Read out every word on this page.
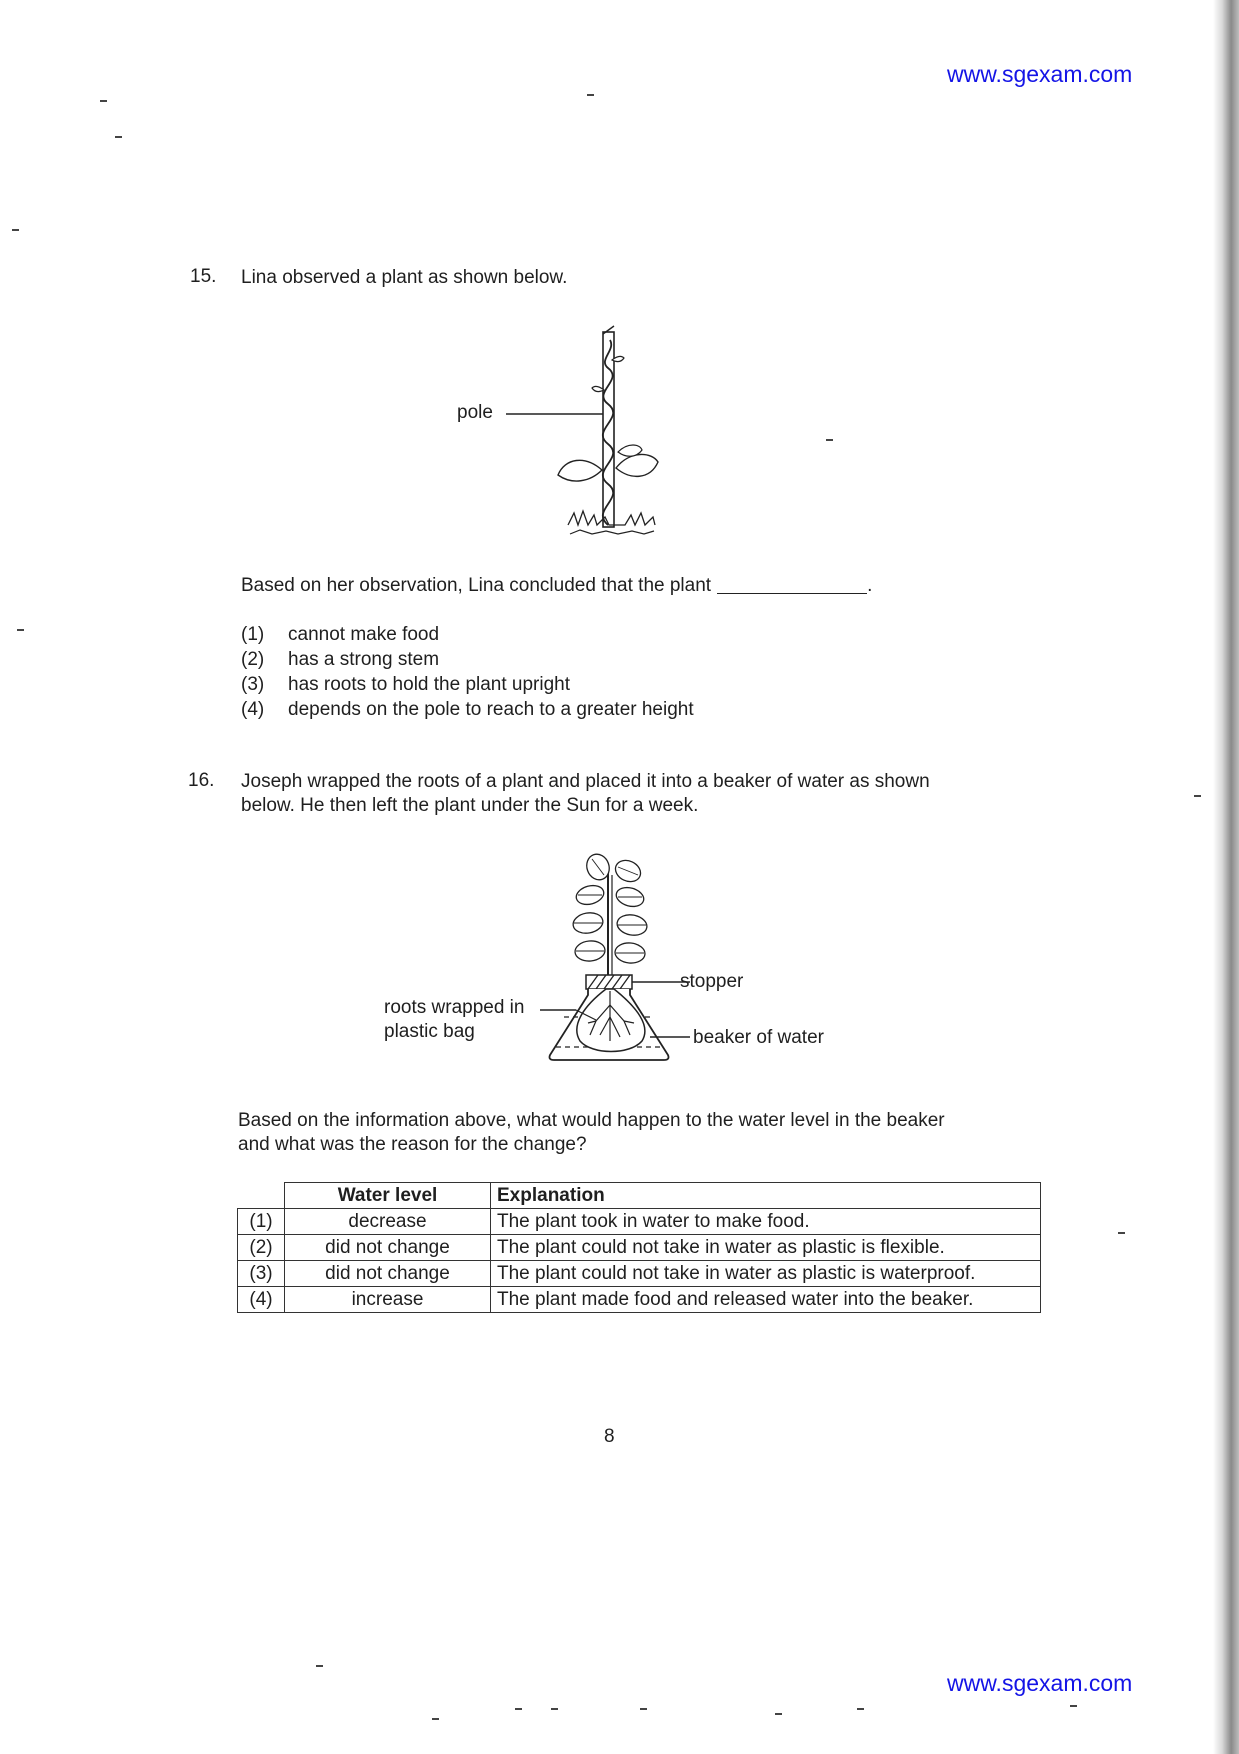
www.sgexam.com
15. Lina observed a plant as shown below.
pole
Based on her observation, Lina concluded that the plant	.
(1) cannot make food
(2) has a strong stem
(3) has roots to hold the plant upright
(4) depends on the pole to reach to a greater height
16. Joseph wrapped the roots of a plant and placed it into a beaker of water as shown
below. He then left the plant under the Sun for a week.
stopper
roots wrapped in
plastic bag	beaker of water
Based on the information above, what would happen to the water level in the beaker
and what was the reason for the change?
	Water level	Explanation
(1)	decrease	The plant took in water to make food.
(2)	did not change	The plant could not take in water as plastic is flexible.
(3)	did not change	The plant could not take in water as plastic is waterproof.
(4)	increase	The plant made food and released water into the beaker.
8
www.sgexam.com
